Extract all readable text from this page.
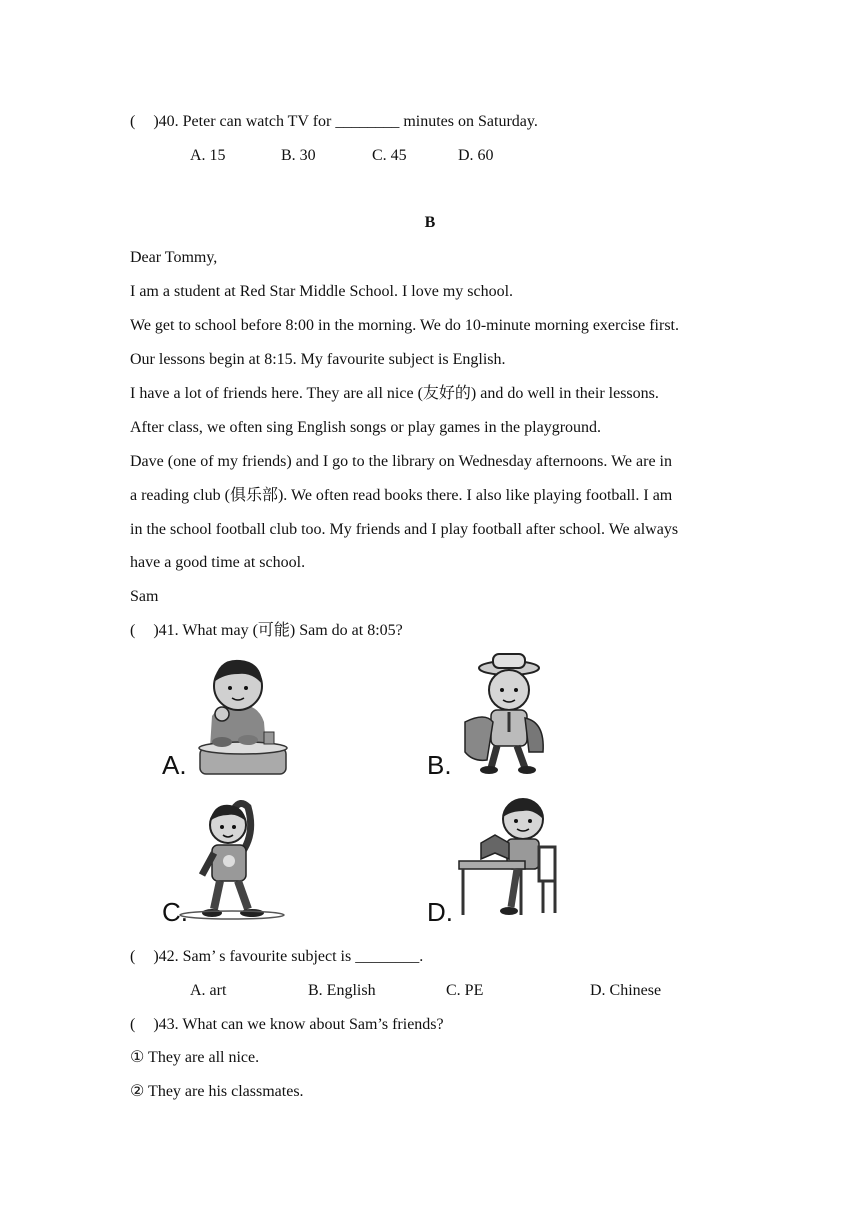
( )40. Peter can watch TV for ________ minutes on Saturday.
A. 15	B. 30	C. 45	D. 60
B
Dear Tommy,
I am a student at Red Star Middle School. I love my school.
We get to school before 8:00 in the morning. We do 10-minute morning exercise first.
Our lessons begin at 8:15. My favourite subject is English.
I have a lot of friends here. They are all nice (友好的) and do well in their lessons.
After class, we often sing English songs or play games in the playground.
Dave (one of my friends) and I go to the library on Wednesday afternoons. We are in
a reading club (俱乐部). We often read books there. I also like playing football. I am
in the school football club too. My friends and I play football after school. We always
have a good time at school.
Sam
( )41. What may (可能) Sam do at 8:05?
A.	B.
C.	D.
( )42. Sam’ s favourite subject is ________.
A. art	B. English	C. PE	D. Chinese
( )43. What can we know about Sam’s friends?
① They are all nice.
② They are his classmates.
